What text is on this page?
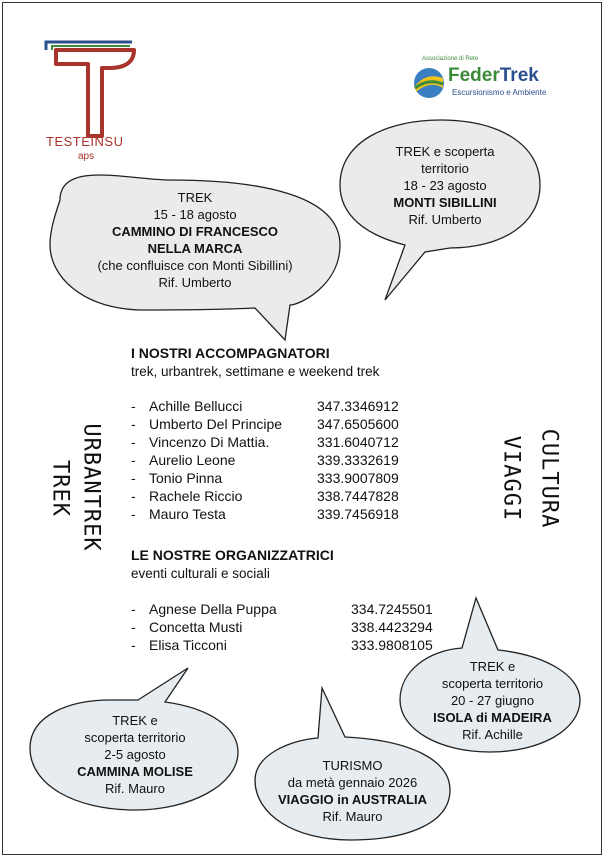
TESTEINSU
aps
Associazione di Rete
FederTrek
Escursionismo e Ambiente
TREK
15 - 18 agosto
CAMMINO DI FRANCESCO
NELLA MARCA
(che confluisce con Monti Sibillini)
Rif. Umberto
TREK e scoperta
territorio
18 - 23 agosto
MONTI SIBILLINI
Rif. Umberto
TREK URBANTREK	VIAGGI CULTURA
I NOSTRI ACCOMPAGNATORI
trek, urbantrek, settimane e weekend trek
- Achille Bellucci	347.3346912
- Umberto Del Principe 347.6505600
- Vincenzo Di Mattia.	331.6040712
- Aurelio Leone	339.3332619
- Tonio Pinna	333.9007809
- Rachele Riccio	338.7447828
- Mauro Testa	339.7456918
LE NOSTRE ORGANIZZATRICI
eventi culturali e sociali
- Agnese Della Puppa	334.7245501
- Concetta Musti	338.4423294
- Elisa Ticconi	333.9808105
TREK e
scoperta territorio
2-5 agosto
CAMMINA MOLISE
Rif. Mauro
TURISMO
da metà gennaio 2026
VIAGGIO in AUSTRALIA
Rif. Mauro
TREK e
scoperta territorio
20 - 27 giugno
ISOLA di MADEIRA
Rif. Achille
